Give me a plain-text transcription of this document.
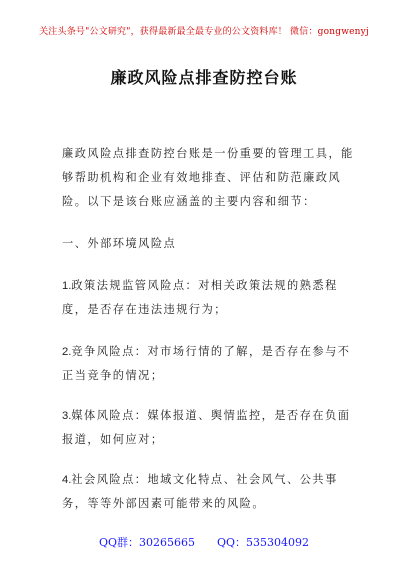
关注头条号"公文研究"，获得最新最全最专业的公文资料库！ 微信：gongwenyj
廉政风险点排查防控台账

廉政风险点排查防控台账是一份重要的管理工具，能够帮助机构和企业有效地排查、评估和防范廉政风险。以下是该台账应涵盖的主要内容和细节：

一、外部环境风险点

1.政策法规监管风险点：对相关政策法规的熟悉程度，是否存在违法违规行为；

2.竞争风险点：对市场行情的了解，是否存在参与不正当竞争的情况；

3.媒体风险点：媒体报道、舆情监控，是否存在负面报道，如何应对；

4.社会风险点：地域文化特点、社会风气、公共事务，等等外部因素可能带来的风险。

QQ群：30265665 QQ：535304092
